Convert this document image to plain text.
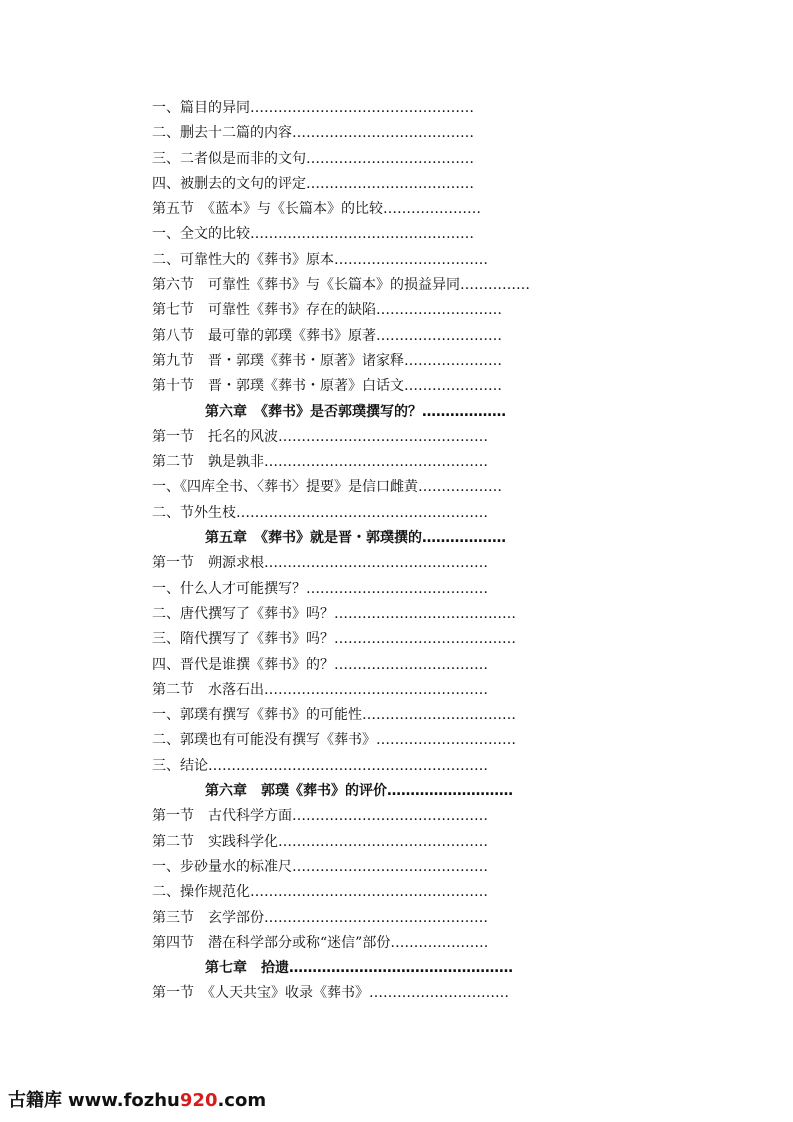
一、篇目的异同…………………………………………
二、删去十二篇的内容…………………………………
三、二者似是而非的文句………………………………
四、被删去的文句的评定………………………………
第五节　《蓝本》与《长篇本》的比较…………………
一、全文的比较…………………………………………
二、可靠性大的《葬书》原本……………………………
第六节　可靠性《葬书》与《长篇本》的损益异同……………
第七节　可靠性《葬书》存在的缺陷………………………
第八节　最可靠的郭璞《葬书》原著………………………
第九节　晋・郭璞《葬书・原著》诸家释…………………
第十节　晋・郭璞《葬书・原著》白话文…………………
第六章　《葬书》是否郭璞撰写的？………………
第一节　托名的风波………………………………………
第二节　孰是孰非…………………………………………
一、《四库全书、〈葬书〉提要》是信口雌黄………………
二、节外生枝………………………………………………
第五章　《葬书》就是晋・郭璞撰的………………
第一节　朔源求根…………………………………………
一、什么人才可能撰写？…………………………………
二、唐代撰写了《葬书》吗？…………………………………
三、隋代撰写了《葬书》吗？…………………………………
四、晋代是谁撰《葬书》的？……………………………
第二节　水落石出…………………………………………
一、郭璞有撰写《葬书》的可能性……………………………
二、郭璞也有可能没有撰写《葬书》…………………………
三、结论……………………………………………………
第六章　郭璞《葬书》的评价………………………
第一节　古代科学方面……………………………………
第二节　实践科学化………………………………………
一、步砂量水的标准尺……………………………………
二、操作规范化……………………………………………
第三节　玄学部份…………………………………………
第四节　潜在科学部分或称“迷信”部份…………………
第七章　拾遗…………………………………………
第一节　《人天共宝》收录《葬书》…………………………
古籍库 www.fozhu920.com
